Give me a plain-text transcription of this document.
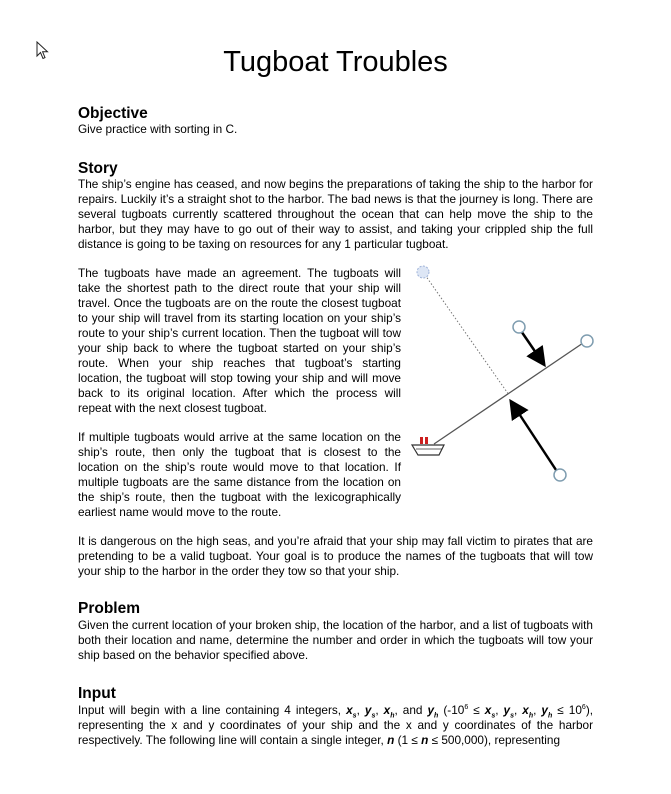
Tugboat Troubles
Objective

Give practice with sorting in C.

Story

The ship’s engine has ceased, and now begins the preparations of taking the ship to the harbor for repairs. Luckily it’s a straight shot to the harbor. The bad news is that the journey is long. There are several tugboats currently scattered throughout the ocean that can help move the ship to the harbor, but they may have to go out of their way to assist, and taking your crippled ship the full distance is going to be taxing on resources for any 1 particular tugboat.

The tugboats have made an agreement. The tugboats will take the shortest path to the direct route that your ship will travel. Once the tugboats are on the route the closest tugboat to your ship will travel from its starting location on your ship’s route to your ship’s current location. Then the tugboat will tow your ship back to where the tugboat started on your ship’s route. When your ship reaches that tugboat’s starting location, the tugboat will stop towing your ship and will move back to its original location. After which the process will repeat with the next closest tugboat.

If multiple tugboats would arrive at the same location on the ship’s route, then only the tugboat that is closest to the location on the ship’s route would move to that location. If multiple tugboats are the same distance from the location on the ship’s route, then the tugboat with the lexicographically earliest name would move to the route.

It is dangerous on the high seas, and you’re afraid that your ship may fall victim to pirates that are pretending to be a valid tugboat. Your goal is to produce the names of the tugboats that will tow your ship to the harbor in the order they tow so that your ship.

Problem

Given the current location of your broken ship, the location of the harbor, and a list of tugboats with both their location and name, determine the number and order in which the tugboats will tow your ship based on the behavior specified above.

Input

Input will begin with a line containing 4 integers, $x_s$, $y_s$, $x_h$, and $y_h$ ($-10^6 \le x_s$, $y_s$, $x_h$, $y_h \le 10^6$), representing the x and y coordinates of your ship and the x and y coordinates of the harbor respectively. The following line will contain a single integer, n (1 ≤ n ≤ 500,000), representing
